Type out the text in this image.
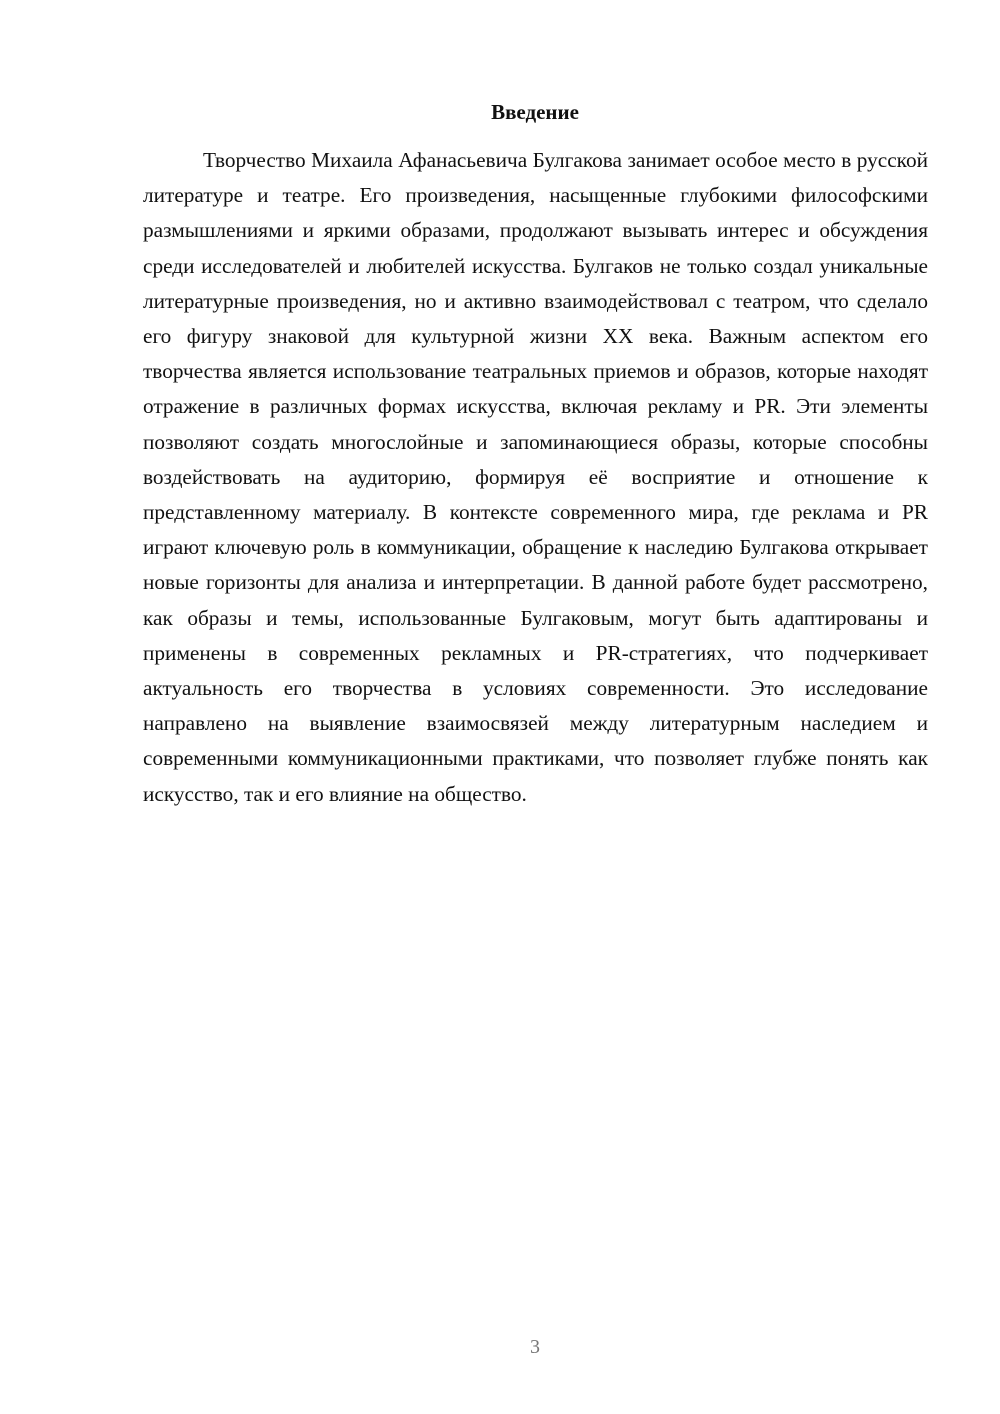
Введение

Творчество Михаила Афанасьевича Булгакова занимает особое место в русской литературе и театре. Его произведения, насыщенные глубокими философскими размышлениями и яркими образами, продолжают вызывать интерес и обсуждения среди исследователей и любителей искусства. Булгаков не только создал уникальные литературные произведения, но и активно взаимодействовал с театром, что сделало его фигуру знаковой для культурной жизни XX века. Важным аспектом его творчества является использование театральных приемов и образов, которые находят отражение в различных формах искусства, включая рекламу и PR. Эти элементы позволяют создать многослойные и запоминающиеся образы, которые способны воздействовать на аудиторию, формируя её восприятие и отношение к представленному материалу. В контексте современного мира, где реклама и PR играют ключевую роль в коммуникации, обращение к наследию Булгакова открывает новые горизонты для анализа и интерпретации. В данной работе будет рассмотрено, как образы и темы, использованные Булгаковым, могут быть адаптированы и применены в современных рекламных и PR-стратегиях, что подчеркивает актуальность его творчества в условиях современности. Это исследование направлено на выявление взаимосвязей между литературным наследием и современными коммуникационными практиками, что позволяет глубже понять как искусство, так и его влияние на общество.

3
